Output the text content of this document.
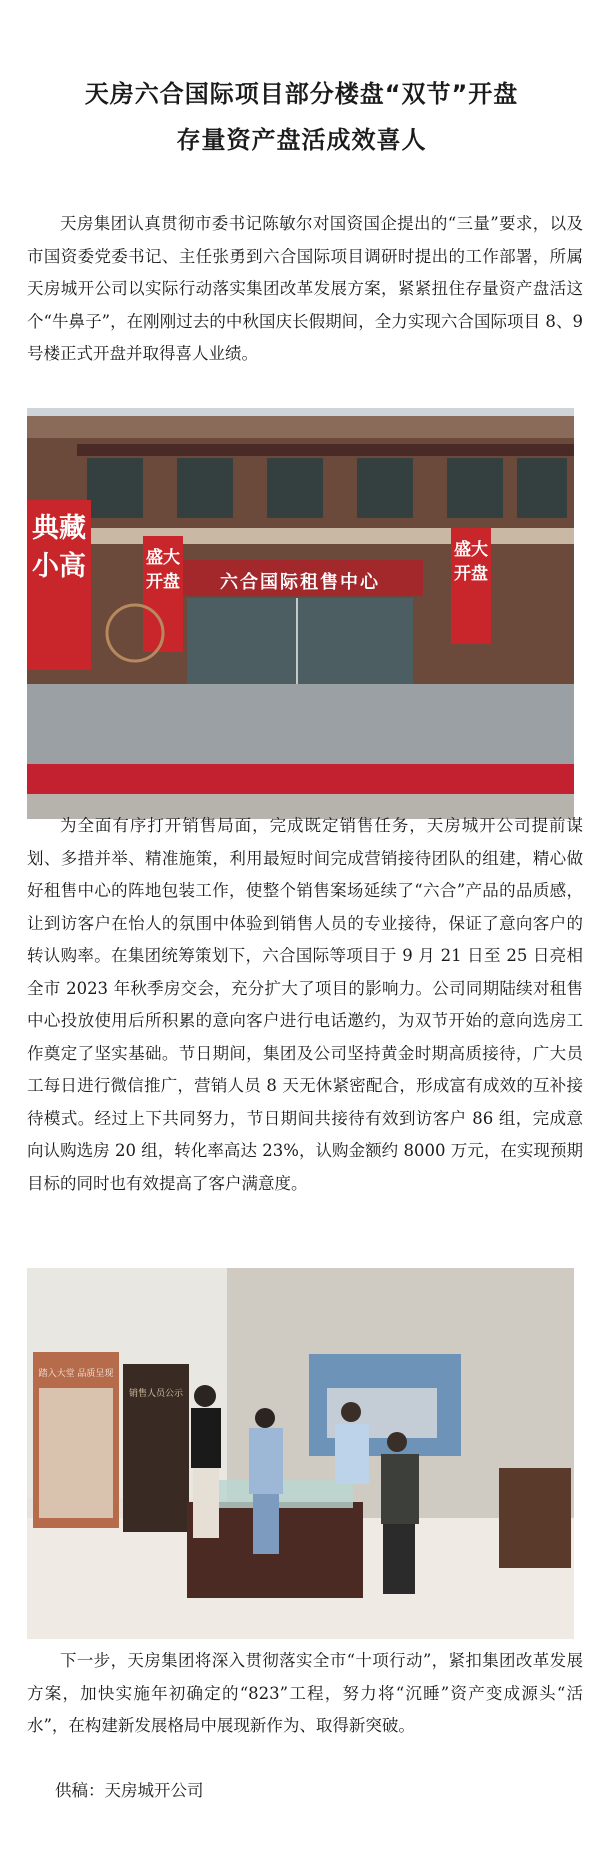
天房六合国际项目部分楼盘“双节”开盘
存量资产盘活成效喜人

天房集团认真贯彻市委书记陈敏尔对国资国企提出的“三量”要求，以及市国资委党委书记、主任张勇到六合国际项目调研时提出的工作部署，所属天房城开公司以实际行动落实集团改革发展方案，紧紧扭住存量资产盘活这个“牛鼻子”，在刚刚过去的中秋国庆长假期间，全力实现六合国际项目 8、9 号楼正式开盘并取得喜人业绩。

六合国际租售中心
典藏小高	盛大开盘
盛大开盘

为全面有序打开销售局面，完成既定销售任务，天房城开公司提前谋划、多措并举、精准施策，利用最短时间完成营销接待团队的组建，精心做好租售中心的阵地包装工作，使整个销售案场延续了“六合”产品的品质感，让到访客户在怡人的氛围中体验到销售人员的专业接待，保证了意向客户的转认购率。在集团统筹策划下，六合国际等项目于 9 月 21 日至 25 日亮相全市 2023 年秋季房交会，充分扩大了项目的影响力。公司同期陆续对租售中心投放使用后所积累的意向客户进行电话邀约，为双节开始的意向选房工作奠定了坚实基础。节日期间，集团及公司坚持黄金时期高质接待，广大员工每日进行微信推广，营销人员 8 天无休紧密配合，形成富有成效的互补接待模式。经过上下共同努力，节日期间共接待有效到访客户 86 组，完成意向认购选房 20 组，转化率高达 23%，认购金额约 8000 万元，在实现预期目标的同时也有效提高了客户满意度。

踏入大堂 品质呈现
销售人员公示

下一步，天房集团将深入贯彻落实全市“十项行动”，紧扣集团改革发展方案，加快实施年初确定的“823”工程，努力将“沉睡”资产变成源头“活水”，在构建新发展格局中展现新作为、取得新突破。

供稿：天房城开公司
